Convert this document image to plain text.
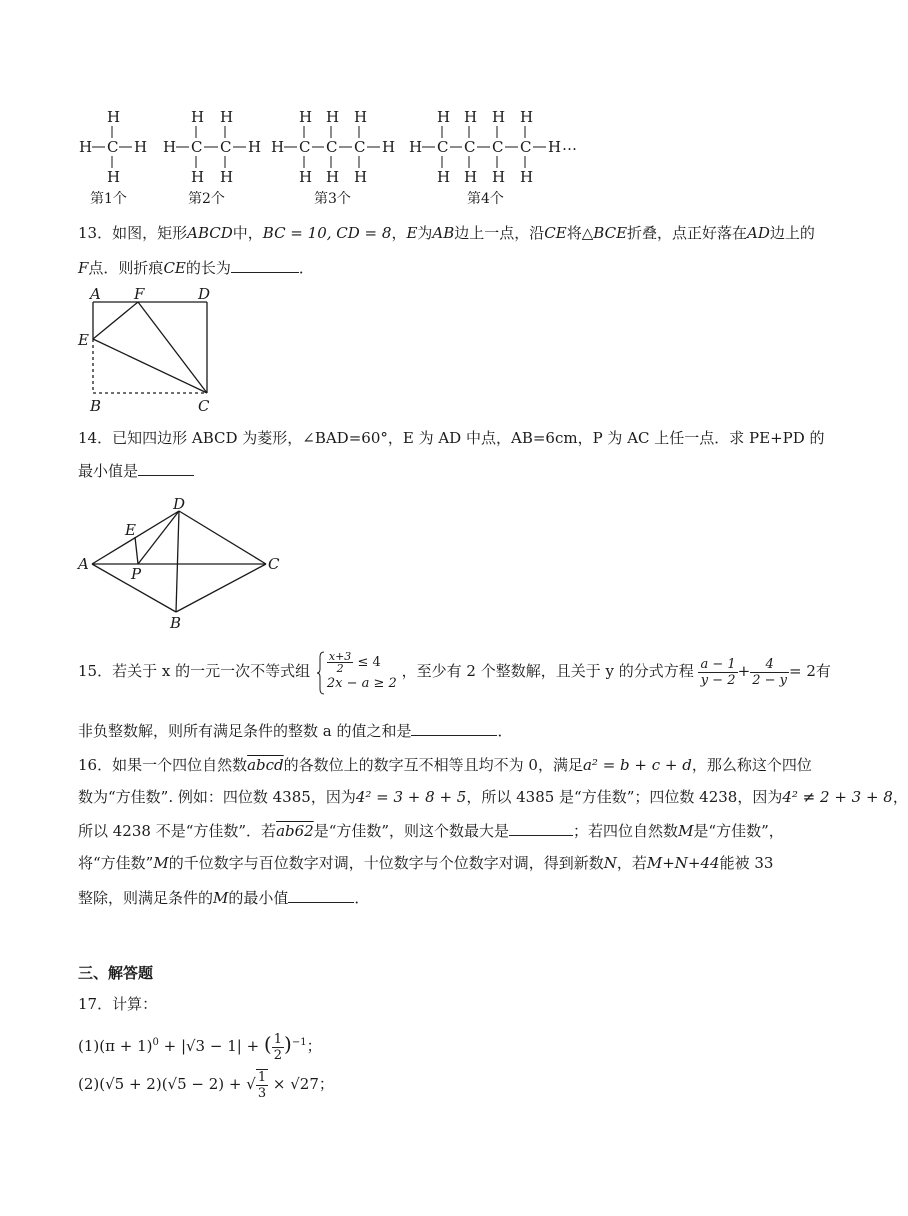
H
H C H
H
H H
H C C H
H H
H H H
H C C C H
H H H
H H H H
H C C C C H …
H H H H
第1个	第2个	第3个	第4个
13．如图，矩形ABCD中，BC = 10, CD = 8，E为AB边上一点，沿CE将△BCE折叠，点正好落在AD边上的
F点．则折痕CE的长为	．
A F	D
E
B	C
14．已知四边形 ABCD 为菱形，∠BAD=60°，E 为 AD 中点，AB=6cm，P 为 AC 上任一点．求 PE+PD 的
最小值是
D
E
A
P
C
B
15．若关于 x 的一元一次不等式组 $\frac{x+3}{2} \le 4$
2x − a ≥ 2
，至少有 2 个整数解，且关于 y 的分式方程 $\frac{a - 1}{y - 2} + \frac{4}{2 - y} = 2$有
非负整数解，则所有满足条件的整数 a 的值之和是	．
16．如果一个四位自然数abcd的各数位上的数字互不相等且均不为 0，满足a² = b + c + d，那么称这个四位
数为“方佳数”. 例如：四位数 4385，因为4² = 3 + 8 + 5，所以 4385 是“方佳数”；四位数 4238，因为4² ≠ 2 + 3 + 8，
所以 4238 不是“方佳数”．若ab62是“方佳数”，则这个数最大是	；若四位自然数M是“方佳数”，
将“方佳数”M的千位数字与百位数字对调，十位数字与个位数字对调，得到新数N，若M+N+44能被 33
整除，则满足条件的M的最小值	．
三、解答题
17．计算：
$(1)(\pi + 1)^0 + |√3 - 1|$ + ( $\frac{1}{2} )^{-1}$；
(2)(√5 + 2)(√5 − 2) + √ $\frac{1}{3} \times √27$；
